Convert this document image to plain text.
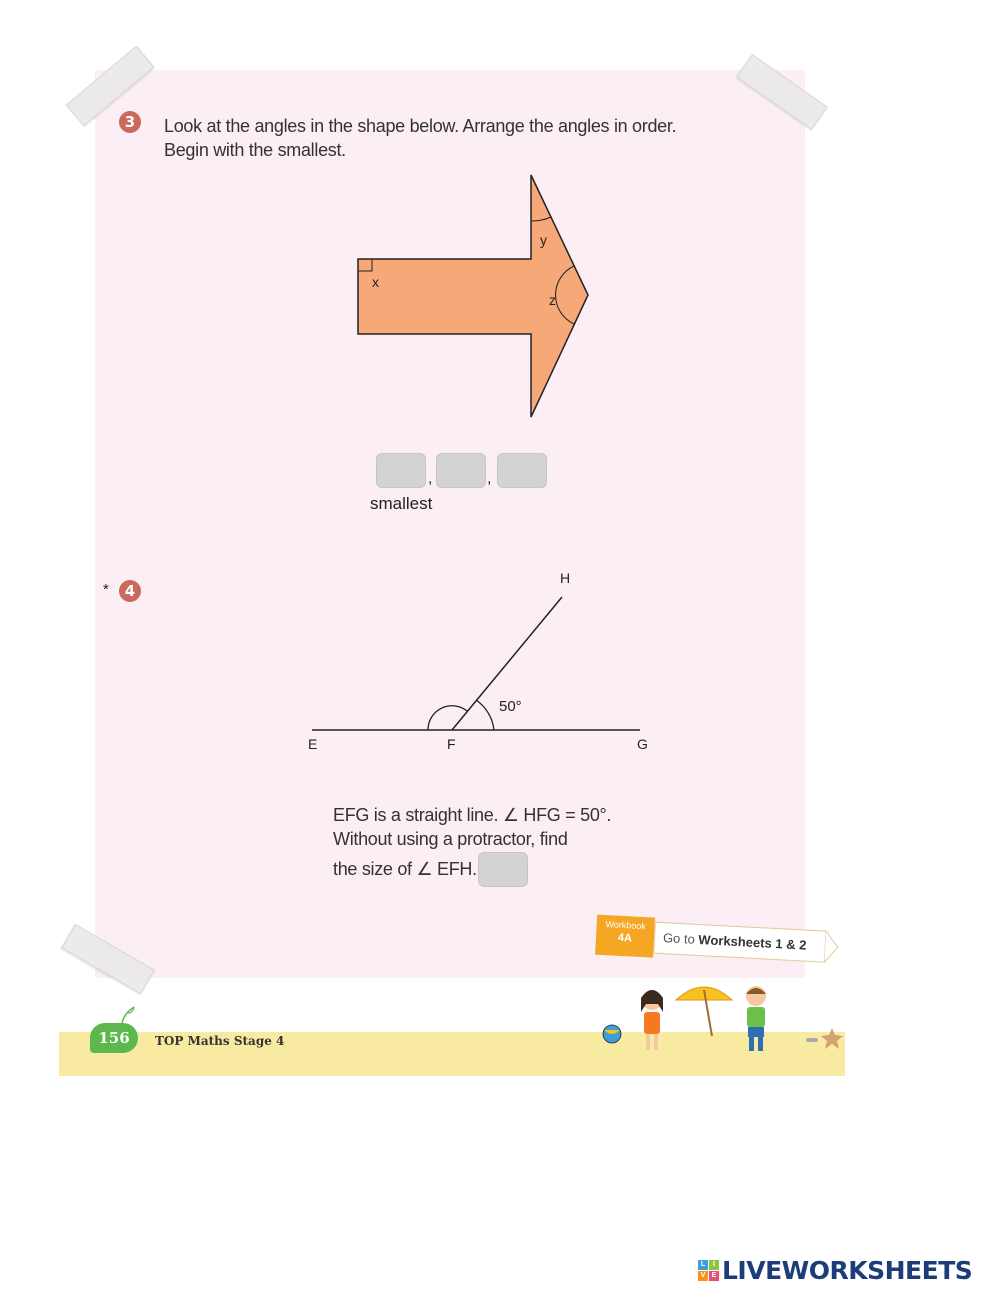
3	Look at the angles in the shape below. Arrange the angles in order.
Begin with the smallest.
x
y
z
,	,
smallest
*	4
50°
H
E	F	G
EFG is a straight line. ∠ HFG = 50°.
Without using a protractor, find
the size of ∠ EFH.
Workbook
4A	Go to Worksheets 1 & 2
156	TOP Maths Stage 4
L	I
V E LIVEWORKSHEETS
